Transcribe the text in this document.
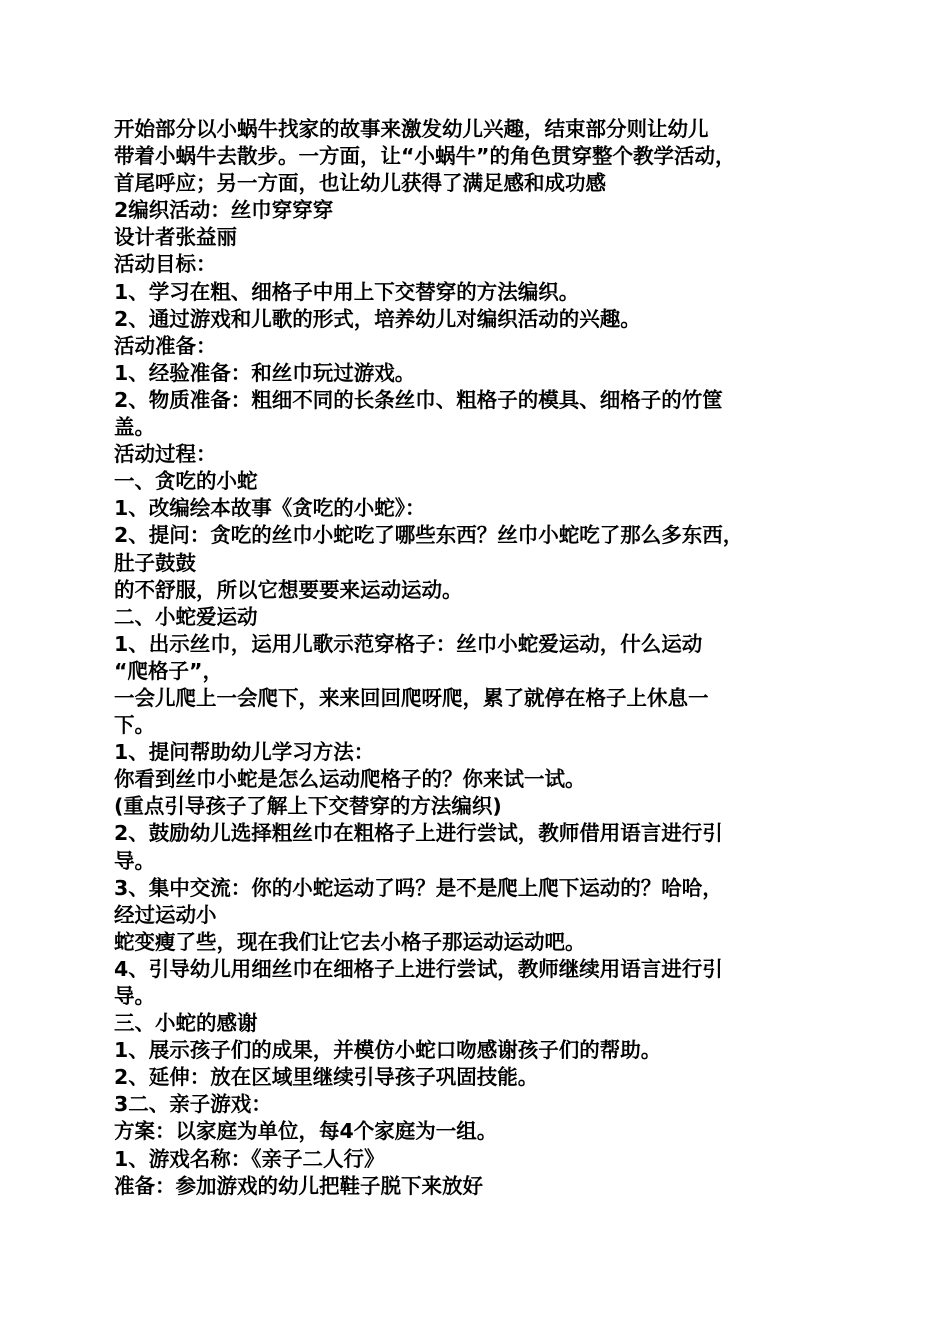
开始部分以小蜗牛找家的故事来激发幼儿兴趣，结束部分则让幼儿
带着小蜗牛去散步。一方面，让“小蜗牛”的角色贯穿整个教学活动，
首尾呼应；另一方面，也让幼儿获得了满足感和成功感
2编织活动：丝巾穿穿穿
设计者张益丽
活动目标：
1、学习在粗、细格子中用上下交替穿的方法编织。
2、通过游戏和儿歌的形式，培养幼儿对编织活动的兴趣。
活动准备：
1、经验准备：和丝巾玩过游戏。
2、物质准备：粗细不同的长条丝巾、粗格子的模具、细格子的竹筐
盖。
活动过程：
一、贪吃的小蛇
1、改编绘本故事《贪吃的小蛇》：
2、提问：贪吃的丝巾小蛇吃了哪些东西？丝巾小蛇吃了那么多东西，
肚子鼓鼓
的不舒服，所以它想要要来运动运动。
二、小蛇爱运动
1、出示丝巾，运用儿歌示范穿格子：丝巾小蛇爱运动，什么运动
“爬格子”，
一会儿爬上一会爬下，来来回回爬呀爬，累了就停在格子上休息一
下。
1、提问帮助幼儿学习方法：
你看到丝巾小蛇是怎么运动爬格子的？你来试一试。
(重点引导孩子了解上下交替穿的方法编织)
2、鼓励幼儿选择粗丝巾在粗格子上进行尝试，教师借用语言进行引
导。
3、集中交流：你的小蛇运动了吗？是不是爬上爬下运动的？哈哈，
经过运动小
蛇变瘦了些，现在我们让它去小格子那运动运动吧。
4、引导幼儿用细丝巾在细格子上进行尝试，教师继续用语言进行引
导。
三、小蛇的感谢
1、展示孩子们的成果，并模仿小蛇口吻感谢孩子们的帮助。
2、延伸：放在区域里继续引导孩子巩固技能。
3二、亲子游戏：
方案：以家庭为单位，每4个家庭为一组。
1、游戏名称：《亲子二人行》
准备：参加游戏的幼儿把鞋子脱下来放好
